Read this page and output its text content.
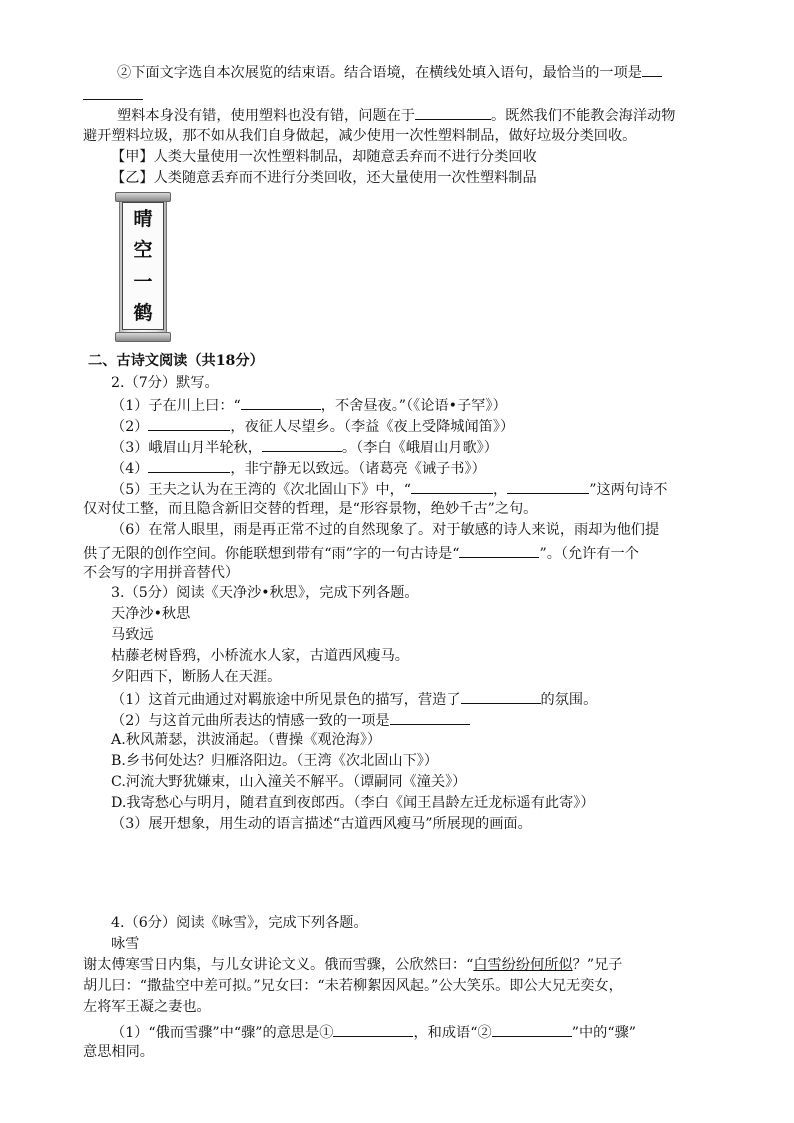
②下面文字选自本次展览的结束语。结合语境，在横线处填入语句，最恰当的一项是
塑料本身没有错，使用塑料也没有错，问题在于	。既然我们不能教会海洋动物
避开塑料垃圾，那不如从我们自身做起，减少使用一次性塑料制品，做好垃圾分类回收。
【甲】人类大量使用一次性塑料制品，却随意丢弃而不进行分类回收
【乙】人类随意丢弃而不进行分类回收，还大量使用一次性塑料制品
晴
空
一
鹤
二、古诗文阅读（共18分）
2.（7分）默写。
（1）子在川上曰：“	，不舍昼夜。”（《论语•子罕》）
（2）	，夜征人尽望乡。（李益《夜上受降城闻笛》）
（3）峨眉山月半轮秋，	。（李白《峨眉山月歌》）
（4）	，非宁静无以致远。（诸葛亮《诫子书》）
（5）王夫之认为在王湾的《次北固山下》中，“	，	”这两句诗不
仅对仗工整，而且隐含新旧交替的哲理，是“形容景物，绝妙千古”之句。
（6）在常人眼里，雨是再正常不过的自然现象了。对于敏感的诗人来说，雨却为他们提
供了无限的创作空间。你能联想到带有“雨”字的一句古诗是“	”。（允许有一个
不会写的字用拼音替代）
3.（5分）阅读《天净沙•秋思》，完成下列各题。
天净沙•秋思
马致远
枯藤老树昏鸦，小桥流水人家，古道西风瘦马。
夕阳西下，断肠人在天涯。
（1）这首元曲通过对羁旅途中所见景色的描写，营造了	的氛围。
（2）与这首元曲所表达的情感一致的一项是
A.秋风萧瑟，洪波涌起。（曹操《观沧海》）
B.乡书何处达？归雁洛阳边。（王湾《次北固山下》）
C.河流大野犹嫌束，山入潼关不解平。（谭嗣同《潼关》）
D.我寄愁心与明月，随君直到夜郎西。（李白《闻王昌龄左迁龙标遥有此寄》）
（3）展开想象，用生动的语言描述“古道西风瘦马”所展现的画面。
4.（6分）阅读《咏雪》，完成下列各题。
咏雪
谢太傅寒雪日内集，与儿女讲论文义。俄而雪骤，公欣然曰：“白雪纷纷何所似？”兄子
胡儿曰：“撒盐空中差可拟。”兄女曰：“未若柳絮因风起。”公大笑乐。即公大兄无奕女，
左将军王凝之妻也。
（1）“俄而雪骤”中“骤”的意思是①	，和成语“②	”中的“骤”
意思相同。
